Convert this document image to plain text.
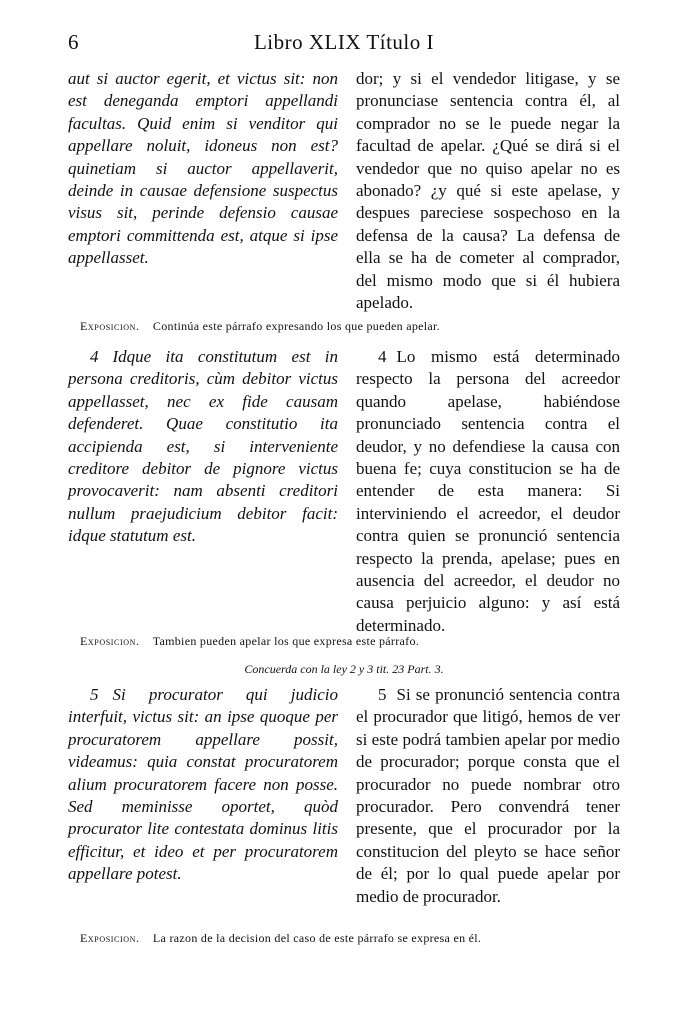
6	Libro XLIX Título I
aut si auctor egerit, et victus sit: non est deneganda emptori appellandi facultas. Quid enim si venditor qui appellare noluit, idoneus non est? quinetiam si auctor appellaverit, deinde in causae defensione suspectus visus sit, perinde defensio causae emptori committenda est, atque si ipse appellasset.
dor; y si el vendedor litigase, y se pronunciase sentencia contra él, al comprador no se le puede negar la facultad de apelar. ¿Qué se dirá si el vendedor que no quiso apelar no es abonado? ¿y qué si este apelase, y despues pareciese sospechoso en la defensa de la causa? La defensa de ella se ha de cometer al comprador, del mismo modo que si él hubiera apelado.
Exposicion. Continúa este párrafo expresando los que pueden apelar.
4 Idque ita constitutum est in persona creditoris, cùm debitor victus appellasset, nec ex fide causam defenderet. Quae constitutio ita accipienda est, si interveniente creditore debitor de pignore victus provocaverit: nam absenti creditori nullum praejudicium debitor facit: idque statutum est.
4 Lo mismo está determinado respecto la persona del acreedor quando apelase, habiéndose pronunciado sentencia contra el deudor, y no defendiese la causa con buena fe; cuya constitucion se ha de entender de esta manera: Si interviniendo el acreedor, el deudor contra quien se pronunció sentencia respecto la prenda, apelase; pues en ausencia del acreedor, el deudor no causa perjuicio alguno: y así está determinado.
Exposicion. Tambien pueden apelar los que expresa este párrafo.
Concuerda con la ley 2 y 3 tit. 23 Part. 3.
5 Si procurator qui judicio interfuit, victus sit: an ipse quoque per procuratorem appellare possit, videamus: quia constat procuratorem alium procuratorem facere non posse. Sed meminisse oportet, quòd procurator lite contestata dominus litis efficitur, et ideo et per procuratorem appellare potest.
5 Si se pronunció sentencia contra el procurador que litigó, hemos de ver si este podrá tambien apelar por medio de procurador; porque consta que el procurador no puede nombrar otro procurador. Pero convendrá tener presente, que el procurador por la constitucion del pleyto se hace señor de él; por lo qual puede apelar por medio de procurador.
Exposicion. La razon de la decision del caso de este párrafo se expresa en él.
